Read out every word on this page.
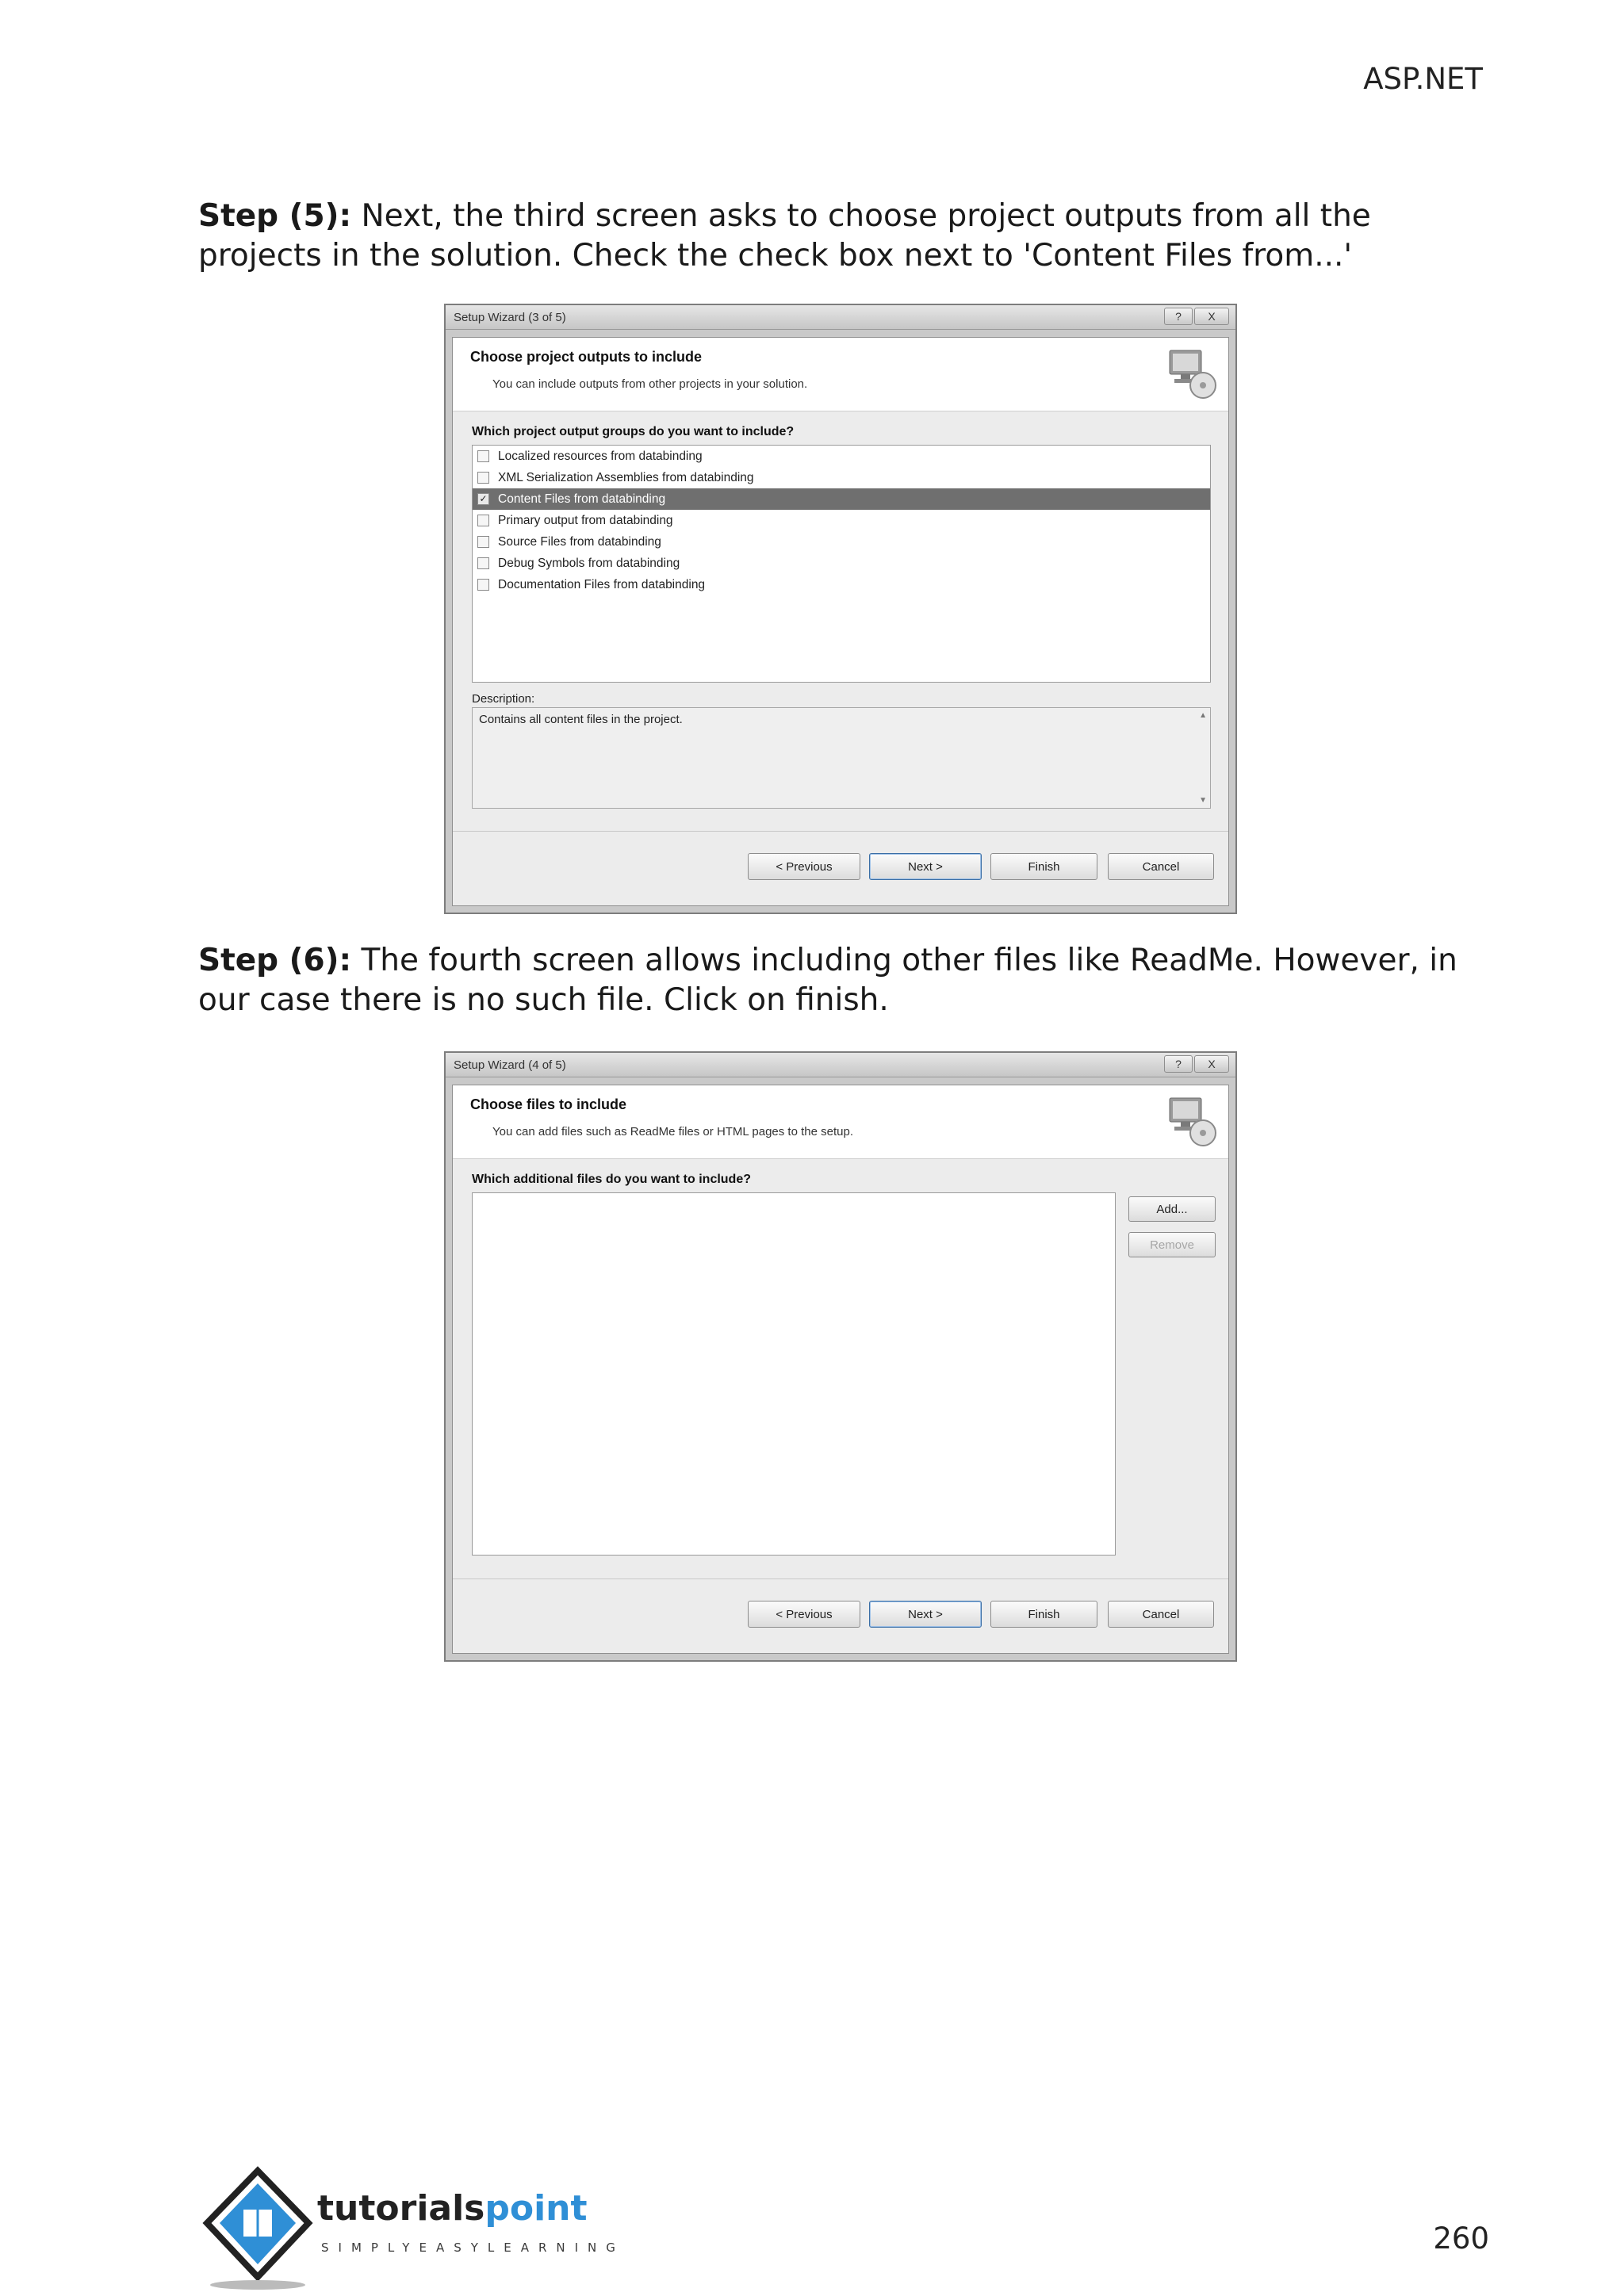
ASP.NET
Step (5): Next, the third screen asks to choose project outputs from all the projects in the solution. Check the check box next to 'Content Files from...'
Setup Wizard (3 of 5)	?	X
Choose project outputs to include
You can include outputs from other projects in your solution.
Which project output groups do you want to include?
Localized resources from databinding
XML Serialization Assemblies from databinding
✓ Content Files from databinding
Primary output from databinding
Source Files from databinding
Debug Symbols from databinding
Documentation Files from databinding
Description:
Contains all content files in the project.	▲
▼
< Previous	Next >	Finish	Cancel
Step (6): The fourth screen allows including other files like ReadMe. However, in our case there is no such file. Click on finish.
Setup Wizard (4 of 5)	?	X
Choose files to include
You can add files such as ReadMe files or HTML pages to the setup.
Which additional files do you want to include?
Add...
Remove
< Previous	Next >	Finish	Cancel
tutorialspoint
SIMPLYEASYLEARNING	260
